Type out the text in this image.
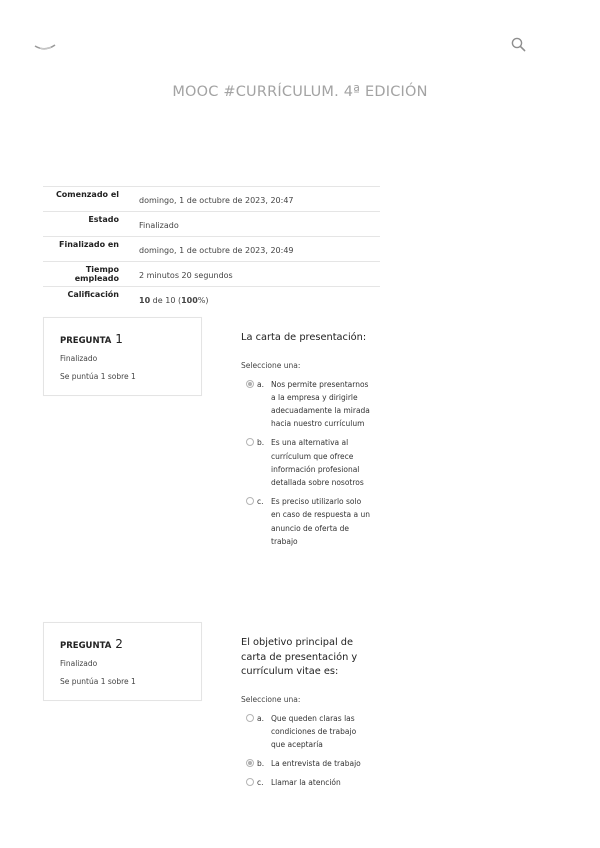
MOOC #CURRÍCULUM. 4ª EDICIÓN
Comenzado el	domingo, 1 de octubre de 2023, 20:47
Estado	Finalizado
Finalizado en	domingo, 1 de octubre de 2023, 20:49
Tiempo empleado	2 minutos 20 segundos
Calificación	10 de 10 (100%)
PREGUNTA 1
Finalizado
Se puntúa 1 sobre 1
La carta de presentación:
Seleccione una:
a. Nos permite presentarnos a la empresa y dirigirle adecuadamente la mirada hacia nuestro currículum
b. Es una alternativa al currículum que ofrece información profesional detallada sobre nosotros
c. Es preciso utilizarlo solo en caso de respuesta a un anuncio de oferta de trabajo
PREGUNTA 2
Finalizado
Se puntúa 1 sobre 1
El objetivo principal de carta de presentación y currículum vitae es:
Seleccione una:
a. Que queden claras las condiciones de trabajo que aceptaría
b. La entrevista de trabajo
c. Llamar la atención
